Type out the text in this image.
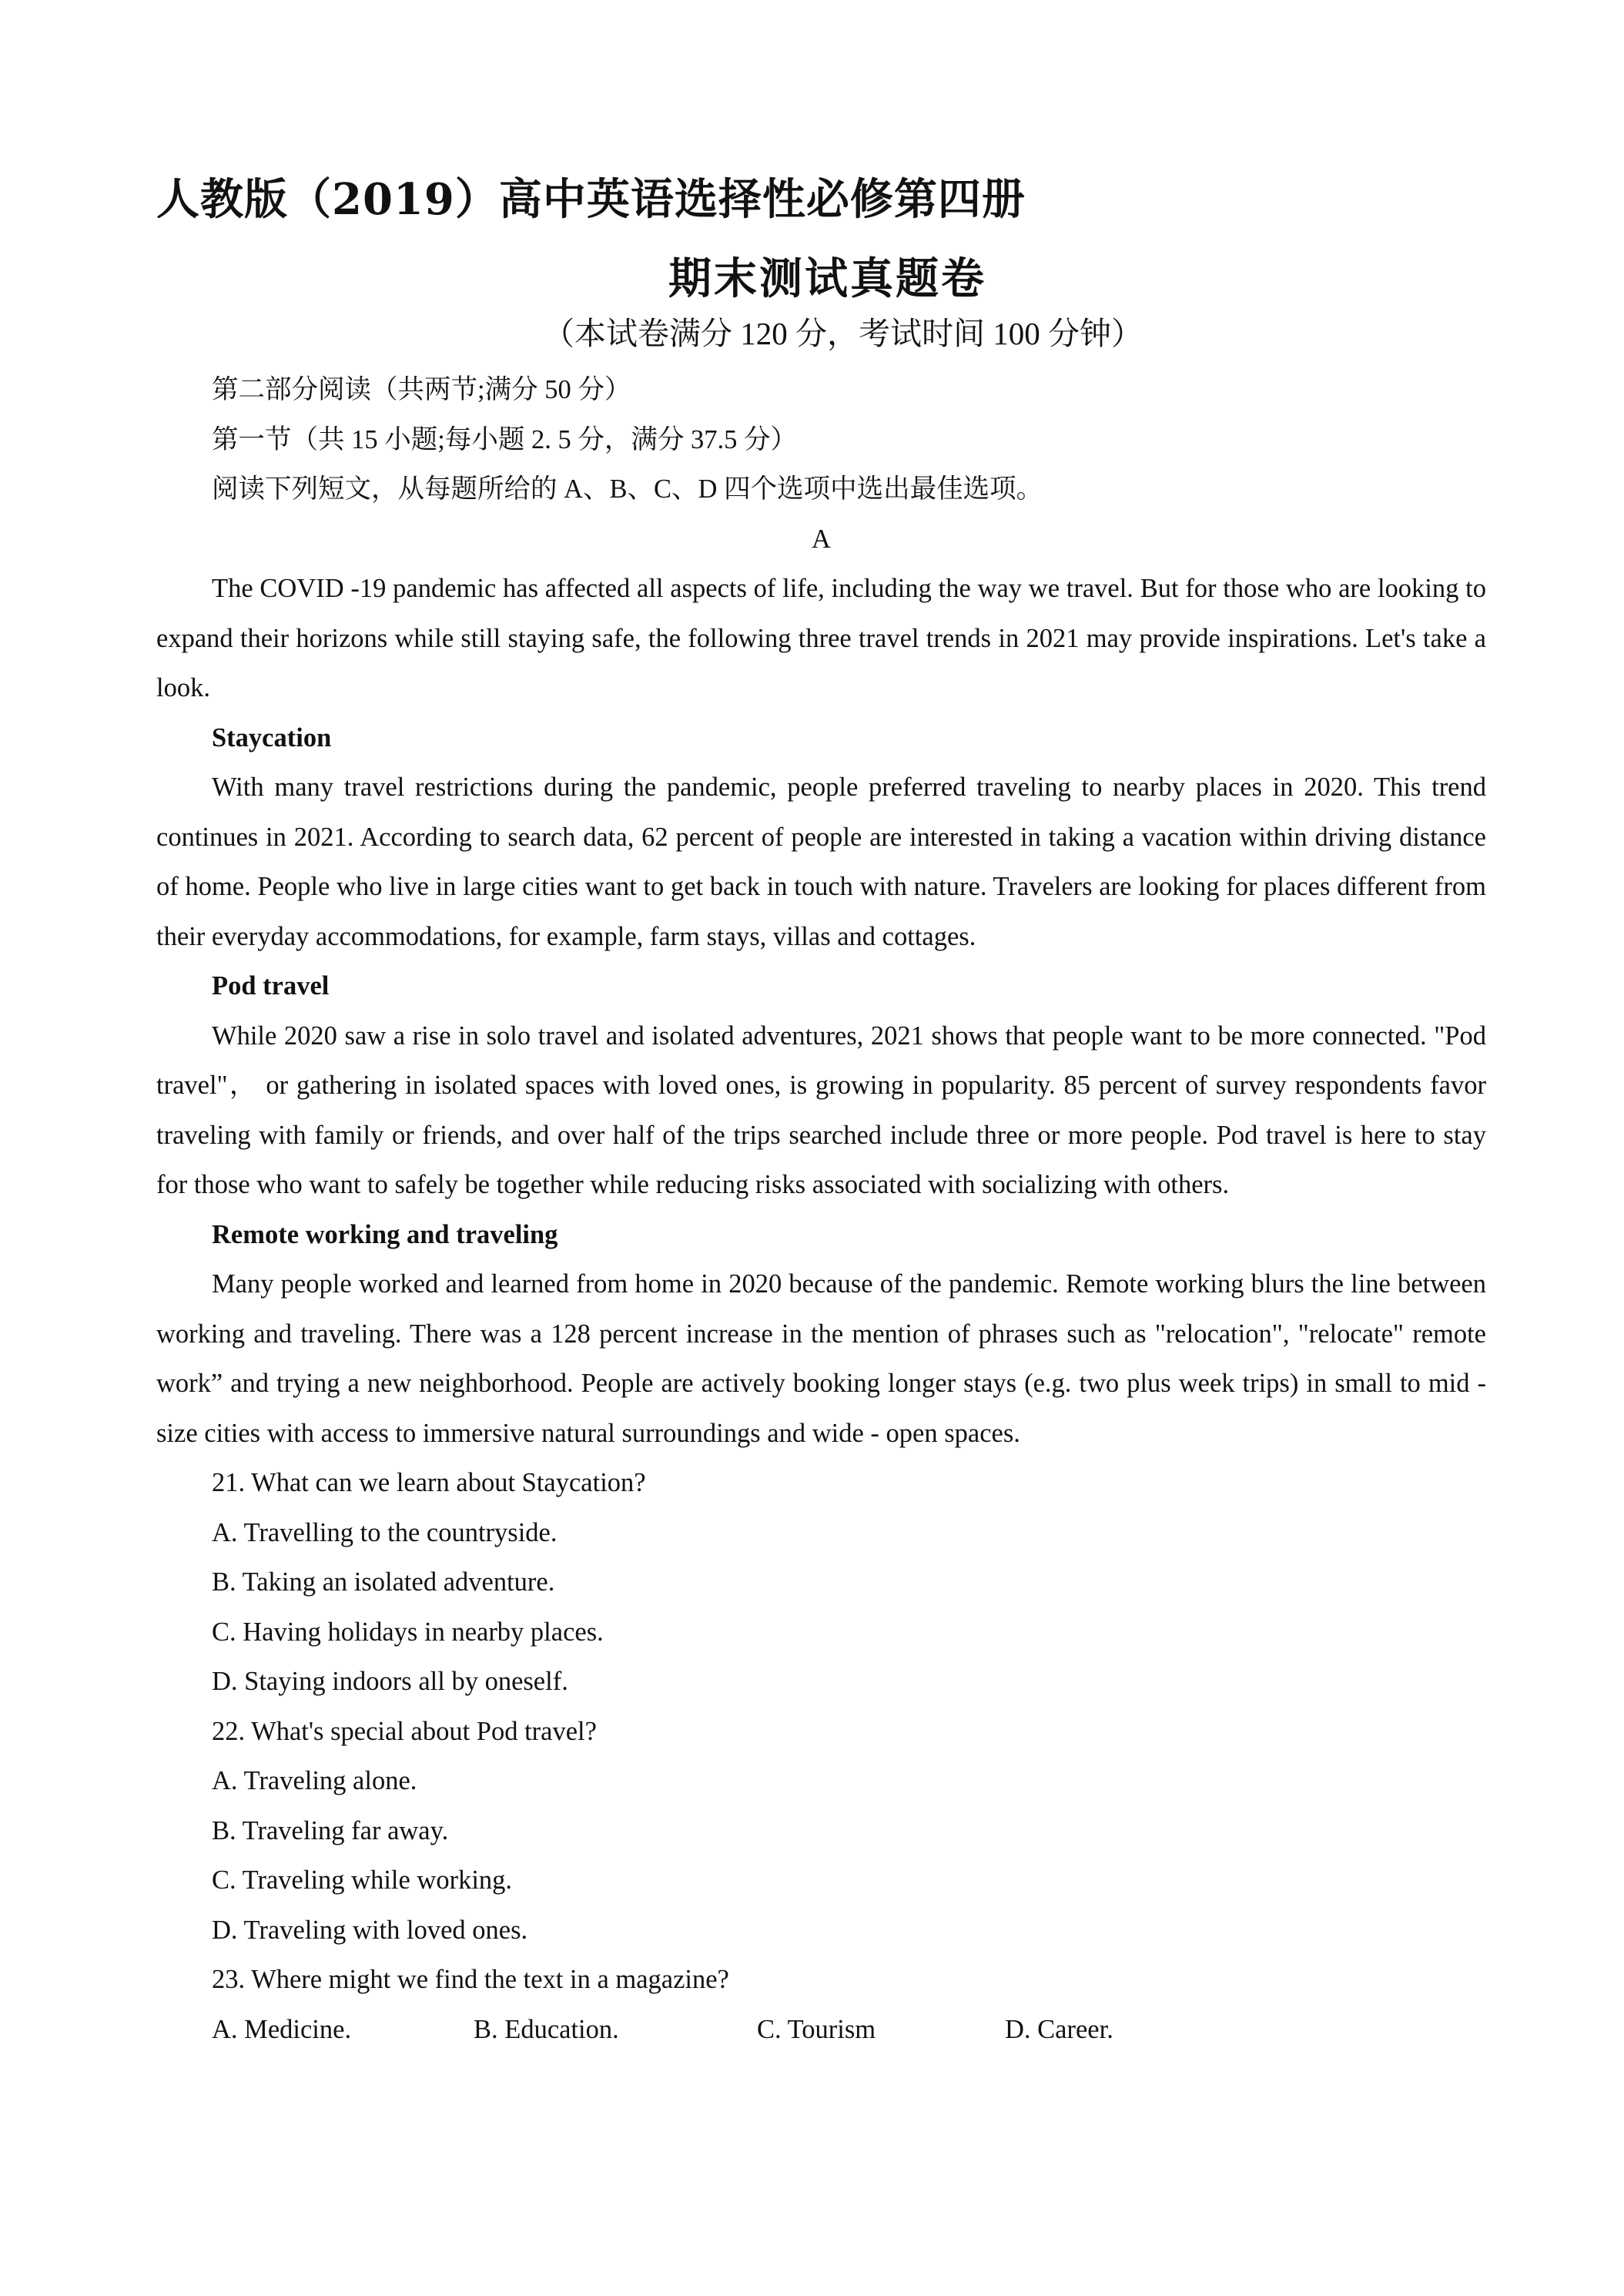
人教版（2019）高中英语选择性必修第四册
期末测试真题卷
（本试卷满分 120 分，考试时间 100 分钟）

第二部分阅读（共两节;满分 50 分）

第一节（共 15 小题;每小题 2. 5 分，满分 37.5 分）

阅读下列短文，从每题所给的 A、B、C、D 四个选项中选出最佳选项。

A

The COVID -19 pandemic has affected all aspects of life, including the way we travel. But for those who are looking to expand their horizons while still staying safe, the following three travel trends in 2021 may provide inspirations. Let's take a look.

Staycation

With many travel restrictions during the pandemic, people preferred traveling to nearby places in 2020. This trend continues in 2021. According to search data, 62 percent of people are interested in taking a vacation within driving distance of home. People who live in large cities want to get back in touch with nature. Travelers are looking for places different from their everyday accommodations, for example, farm stays, villas and cottages.

Pod travel

While 2020 saw a rise in solo travel and isolated adventures, 2021 shows that people want to be more connected. "Pod travel"， or gathering in isolated spaces with loved ones, is growing in popularity. 85 percent of survey respondents favor traveling with family or friends, and over half of the trips searched include three or more people. Pod travel is here to stay for those who want to safely be together while reducing risks associated with socializing with others.

Remote working and traveling

Many people worked and learned from home in 2020 because of the pandemic. Remote working blurs the line between working and traveling. There was a 128 percent increase in the mention of phrases such as "relocation", "relocate" remote work” and trying a new neighborhood. People are actively booking longer stays (e.g. two plus week trips) in small to mid - size cities with access to immersive natural surroundings and wide - open spaces.

21. What can we learn about Staycation?

A. Travelling to the countryside.

B. Taking an isolated adventure.

C. Having holidays in nearby places.

D. Staying indoors all by oneself.

22. What's special about Pod travel?

A. Traveling alone.

B. Traveling far away.

C. Traveling while working.

D. Traveling with loved ones.

23. Where might we find the text in a magazine?

A. Medicine.	B. Education.	C. Tourism	D. Career.
